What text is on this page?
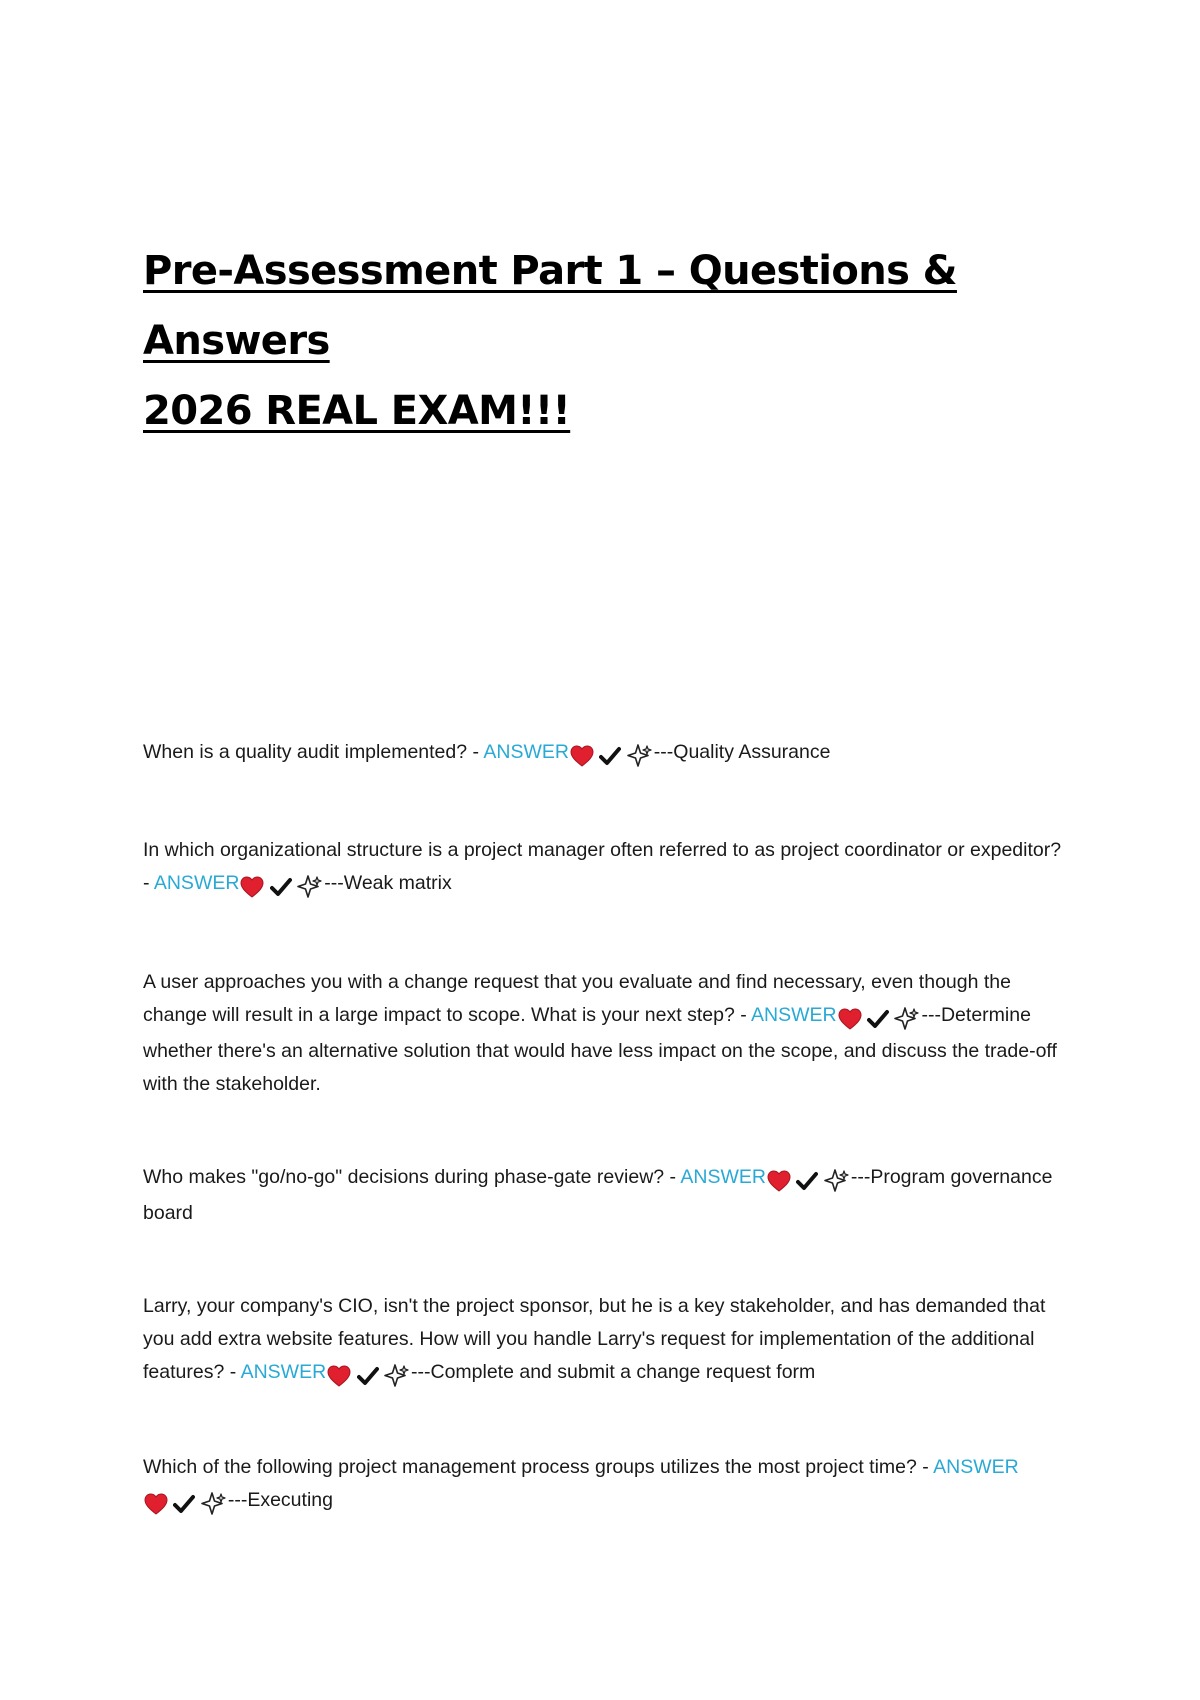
Pre-Assessment Part 1 – Questions & Answers
2026 REAL EXAM!!!

When is a quality audit implemented? - ANSWER	---Quality Assurance

In which organizational structure is a project manager often referred to as project coordinator or expeditor? - ANSWER	---Weak matrix

A user approaches you with a change request that you evaluate and find necessary, even though the change will result in a large impact to scope. What is your next step? - ANSWER	---Determine whether there's an alternative solution that would have less impact on the scope, and discuss the trade-off with the stakeholder.

Who makes "go/no-go" decisions during phase-gate review? - ANSWER	---Program governance board

Larry, your company's CIO, isn't the project sponsor, but he is a key stakeholder, and has demanded that you add extra website features. How will you handle Larry's request for implementation of the additional features? - ANSWER	---Complete and submit a change request form

Which of the following project management process groups utilizes the most project time? - ANSWER  ---Executing
